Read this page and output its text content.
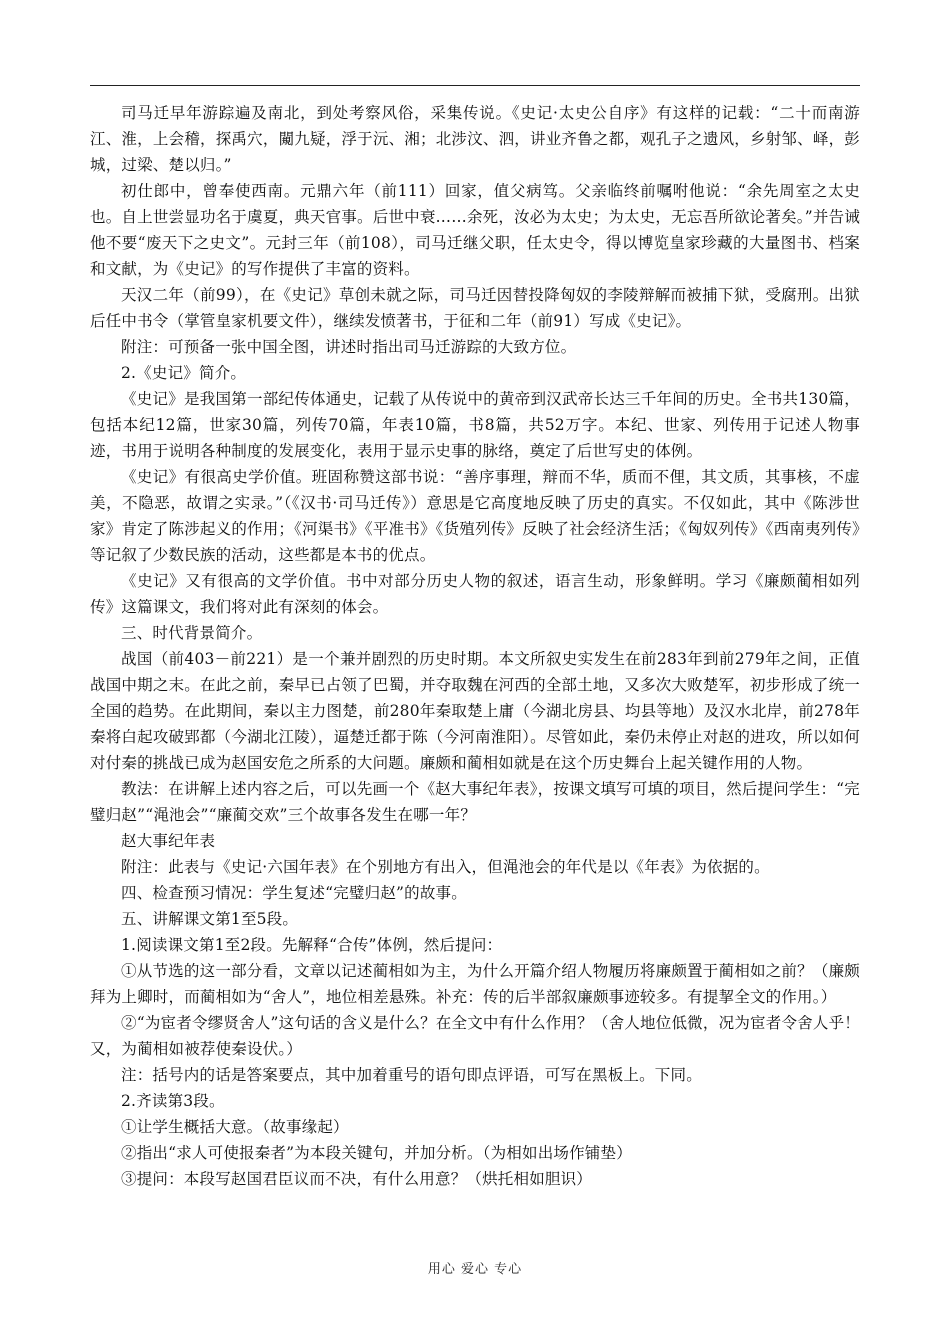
司马迁早年游踪遍及南北，到处考察风俗，采集传说。《史记·太史公自序》有这样的记载：“二十而南游江、淮，上会稽，探禹穴，闚九疑，浮于沅、湘；北涉汶、泗，讲业齐鲁之都，观孔子之遗风，乡射邹、峄，彭城，过梁、楚以归。”

初仕郎中，曾奉使西南。元鼎六年（前111）回家，值父病笃。父亲临终前嘱咐他说：“余先周室之太史也。自上世尝显功名于虞夏，典天官事。后世中衰……余死，汝必为太史；为太史，无忘吾所欲论著矣。”并告诫他不要“废天下之史文”。元封三年（前108），司马迁继父职，任太史令，得以博览皇家珍藏的大量图书、档案和文献，为《史记》的写作提供了丰富的资料。

天汉二年（前99），在《史记》草创未就之际，司马迁因替投降匈奴的李陵辩解而被捕下狱，受腐刑。出狱后任中书令（掌管皇家机要文件），继续发愤著书，于征和二年（前91）写成《史记》。

附注：可预备一张中国全图，讲述时指出司马迁游踪的大致方位。

2.《史记》简介。

《史记》是我国第一部纪传体通史，记载了从传说中的黄帝到汉武帝长达三千年间的历史。全书共130篇，包括本纪12篇，世家30篇，列传70篇，年表10篇，书8篇，共52万字。本纪、世家、列传用于记述人物事迹，书用于说明各种制度的发展变化，表用于显示史事的脉络，奠定了后世写史的体例。

《史记》有很高史学价值。班固称赞这部书说：“善序事理，辩而不华，质而不俚，其文质，其事核，不虚美，不隐恶，故谓之实录。”（《汉书·司马迁传》）意思是它高度地反映了历史的真实。不仅如此，其中《陈涉世家》肯定了陈涉起义的作用；《河渠书》《平准书》《货殖列传》反映了社会经济生活；《匈奴列传》《西南夷列传》等记叙了少数民族的活动，这些都是本书的优点。

《史记》又有很高的文学价值。书中对部分历史人物的叙述，语言生动，形象鲜明。学习《廉颇蔺相如列传》这篇课文，我们将对此有深刻的体会。

三、时代背景简介。

战国（前403－前221）是一个兼并剧烈的历史时期。本文所叙史实发生在前283年到前279年之间，正值战国中期之末。在此之前，秦早已占领了巴蜀，并夺取魏在河西的全部土地，又多次大败楚军，初步形成了统一全国的趋势。在此期间，秦以主力图楚，前280年秦取楚上庸（今湖北房县、均县等地）及汉水北岸，前278年秦将白起攻破郢都（今湖北江陵），逼楚迁都于陈（今河南淮阳）。尽管如此，秦仍未停止对赵的进攻，所以如何对付秦的挑战已成为赵国安危之所系的大问题。廉颇和蔺相如就是在这个历史舞台上起关键作用的人物。

教法：在讲解上述内容之后，可以先画一个《赵大事纪年表》，按课文填写可填的项目，然后提问学生：“完璧归赵”“渑池会”“廉蔺交欢”三个故事各发生在哪一年？

赵大事纪年表

附注：此表与《史记·六国年表》在个别地方有出入，但渑池会的年代是以《年表》为依据的。

四、检查预习情况：学生复述“完璧归赵”的故事。

五、讲解课文第1至5段。

1.阅读课文第1至2段。先解释“合传”体例，然后提问：

①从节选的这一部分看，文章以记述蔺相如为主，为什么开篇介绍人物履历将廉颇置于蔺相如之前？（廉颇拜为上卿时，而蔺相如为“舍人”，地位相差悬殊。补充：传的后半部叙廉颇事迹较多。有提挈全文的作用。）

②“为宦者令缪贤舍人”这句话的含义是什么？在全文中有什么作用？（舍人地位低微，况为宦者令舍人乎！又，为蔺相如被荐使秦设伏。）

注：括号内的话是答案要点，其中加着重号的语句即点评语，可写在黑板上。下同。

2.齐读第3段。

①让学生概括大意。（故事缘起）

②指出“求人可使报秦者”为本段关键句，并加分析。（为相如出场作铺垫）

③提问：本段写赵国君臣议而不决，有什么用意？（烘托相如胆识）

用心 爱心 专心
